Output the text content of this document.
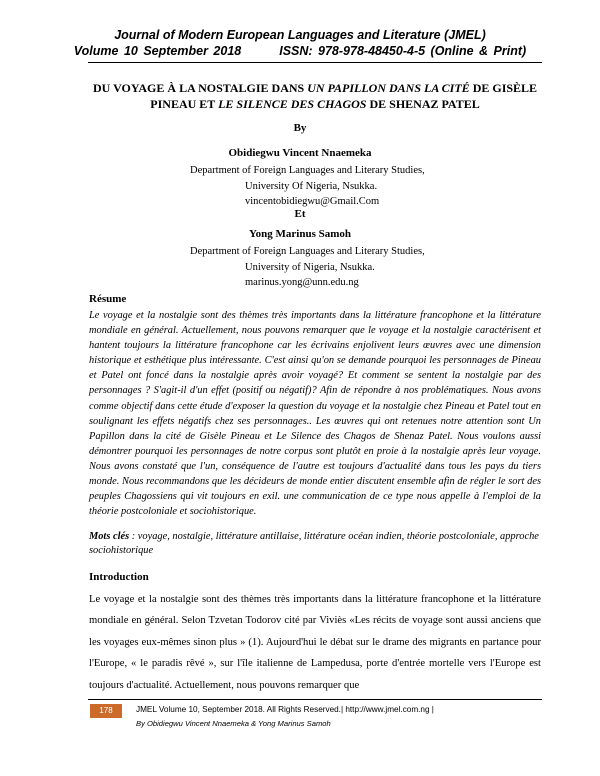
Journal of Modern European Languages and Literature (JMEL)
Volume 10 September 2018	ISSN: 978-978-48450-4-5 (Online & Print)
DU VOYAGE À LA NOSTALGIE DANS UN PAPILLON DANS LA CITÉ DE GISÈLE PINEAU ET LE SILENCE DES CHAGOS DE SHENAZ PATEL
By
Obidiegwu Vincent Nnaemeka
Department of Foreign Languages and Literary Studies,
University Of Nigeria, Nsukka.
vincentobidiegwu@Gmail.Com
Et
Yong Marinus Samoh
Department of Foreign Languages and Literary Studies,
University of Nigeria, Nsukka.
marinus.yong@unn.edu.ng
Résume

Le voyage et la nostalgie sont des thèmes très importants dans la littérature francophone et la littérature mondiale en général. Actuellement, nous pouvons remarquer que le voyage et la nostalgie caractérisent et hantent toujours la littérature francophone car les écrivains enjolivent leurs œuvres avec une dimension historique et esthétique plus intéressante. C'est ainsi qu'on se demande pourquoi les personnages de Pineau et Patel ont foncé dans la nostalgie après avoir voyagé? Et comment se sentent la nostalgie par des personnages ? S'agit-il d'un effet (positif ou négatif)? Afin de répondre à nos problématiques. Nous avons comme objectif dans cette étude d'exposer la question du voyage et la nostalgie chez Pineau et Patel tout en soulignant les effets négatifs chez ses personnages.. Les œuvres qui ont retenues notre attention sont Un Papillon dans la cité de Gisèle Pineau et Le Silence des Chagos de Shenaz Patel. Nous voulons aussi démontrer pourquoi les personnages de notre corpus sont plutôt en proie à la nostalgie après leur voyage. Nous avons constaté que l'un, conséquence de l'autre est toujours d'actualité dans tous les pays du tiers monde. Nous recommandons que les décideurs de monde entier discutent ensemble afin de régler le sort des peuples Chagossiens qui vit toujours en exil. une communication de ce type nous appelle à l'emploi de la théorie postcoloniale et sociohistorique.

Mots clés : voyage, nostalgie, littérature antillaise, littérature océan indien, théorie postcoloniale, approche sociohistorique

Introduction

Le voyage et la nostalgie sont des thèmes très importants dans la littérature francophone et la littérature mondiale en général. Selon Tzvetan Todorov cité par Viviès «Les récits de voyage sont aussi anciens que les voyages eux-mêmes sinon plus » (1). Aujourd'hui le débat sur le drame des migrants en partance pour l'Europe, « le paradis rêvé », sur l'île italienne de Lampedusa, porte d'entrée mortelle vers l'Europe est toujours d'actualité. Actuellement, nous pouvons remarquer que

178	JMEL Volume 10, September 2018. All Rights Reserved.| http://www.jmel.com.ng |
By Obidiegwu Vincent Nnaemeka & Yong Marinus Samoh
